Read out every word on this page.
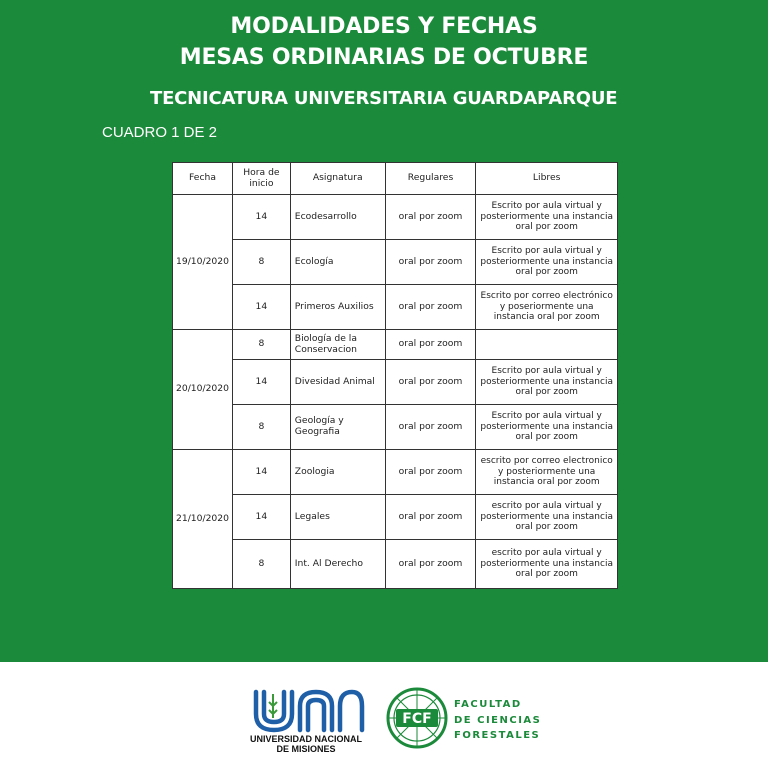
MODALIDADES Y FECHAS
MESAS ORDINARIAS DE OCTUBRE
TECNICATURA UNIVERSITARIA GUARDAPARQUE
CUADRO 1 DE 2
Fecha	Hora de inicio	Asignatura	Regulares	Libres
19/10/2020	14	Ecodesarrollo	oral por zoom	Escrito por aula virtual y posteriormente una instancia oral por zoom
	8	Ecología	oral por zoom	Escrito por aula virtual y posteriormente una instancia oral por zoom
	14	Primeros Auxilios	oral por zoom	Escrito por correo electrónico y poseriormente una instancia oral por zoom
20/10/2020	8	Biología de la Conservacion	oral por zoom	
	14	Divesidad Animal	oral por zoom	Escrito por aula virtual y posteriormente una instancia oral por zoom
	8	Geología y Geografia	oral por zoom	Escrito por aula virtual y posteriormente una instancia oral por zoom
21/10/2020	14	Zoologia	oral por zoom	escrito por correo electronico y posteriormente una instancia oral por zoom
	14	Legales	oral por zoom	escrito por aula virtual y posteriormente una instancia oral por zoom
	8	Int. Al Derecho	oral por zoom	escrito por aula virtual y posteriormente una instancia oral por zoom
UNIVERSIDAD NACIONAL
DE MISIONES
FCF
FACULTAD
DE CIENCIAS
FORESTALES
